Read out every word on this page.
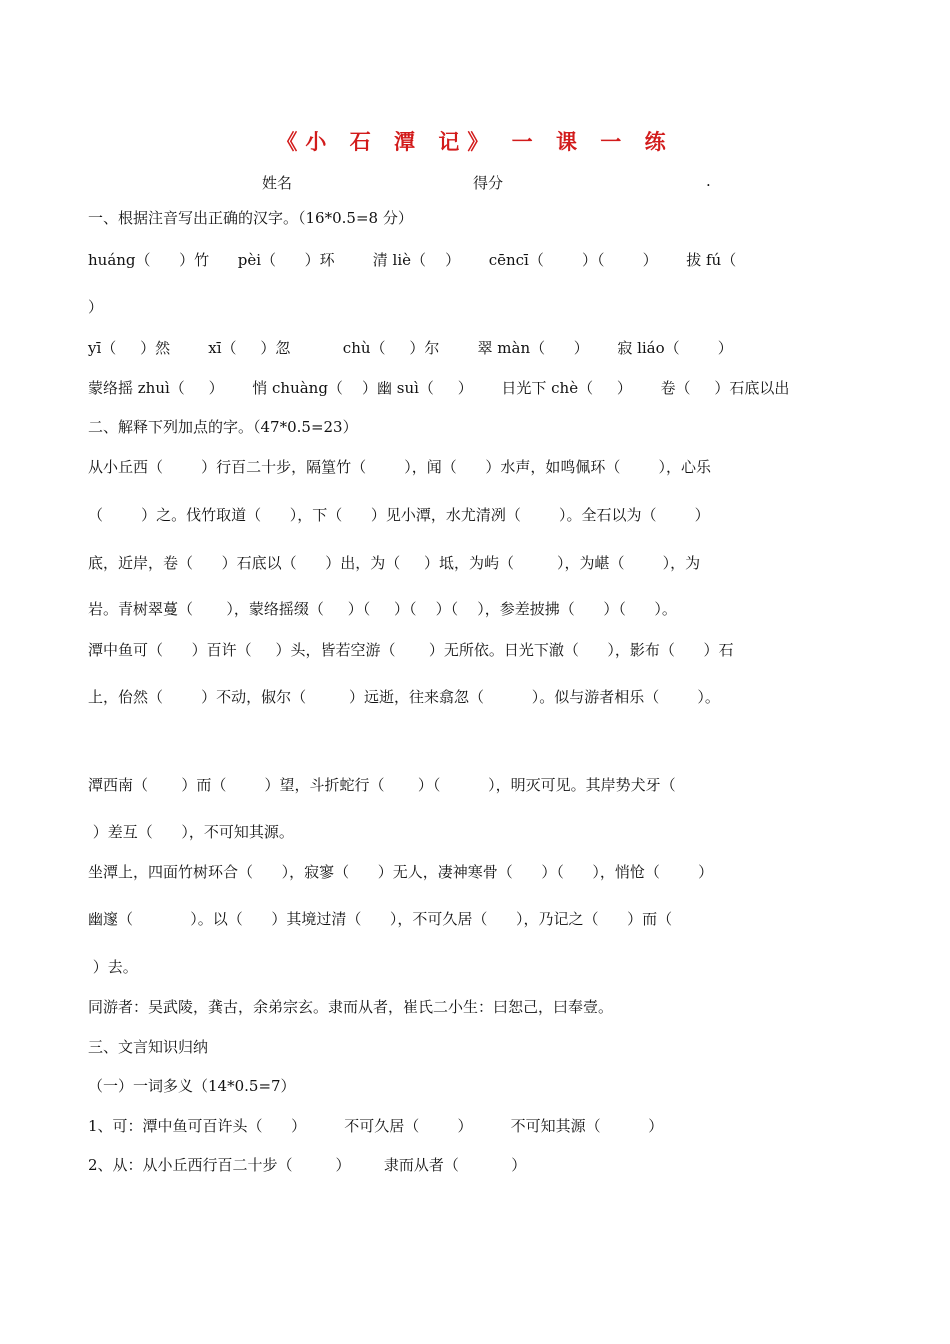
《小 石 潭 记》 一 课 一 练
姓名	得分	.
一、根据注音写出正确的汉字。（16*0.5=8 分）
huáng（      ）竹      pèi（      ）环        清 liè（    ）      cēncī（        ）（        ）      拔 fú（
）
yī（     ）然        xī（     ）忽           chù（     ）尔        翠 màn（      ）      寂 liáo（        ）
蒙络摇 zhuì（     ）      悄 chuàng（    ）幽 suì（     ）      日光下 chè（     ）      卷（     ）石底以出
二、解释下列加点的字。（47*0.5=23）
从小丘西（        ）行百二十步，隔篁竹（        ），闻（      ）水声，如鸣佩环（        ），心乐
（        ）之。伐竹取道（      ），下（      ）见小潭，水尤清冽（        ）。全石以为（        ）
底，近岸，卷（      ）石底以（      ）出，为（     ）坻，为屿（         ），为嵁（        ），为
岩。青树翠蔓（       ），蒙络摇缀（     ）（     ）（    ）（    ），参差披拂（      ）（      ）。
潭中鱼可（      ）百许（     ）头，皆若空游（       ）无所依。日光下澈（      ），影布（      ）石
上，佁然（        ）不动，俶尔（         ）远逝，往来翕忽（          ）。似与游者相乐（        ）。
潭西南（       ）而（        ）望，斗折蛇行（       ）（          ），明灭可见。其岸势犬牙（
）差互（      ），不可知其源。
坐潭上，四面竹树环合（      ），寂寥（      ）无人，凄神寒骨（      ）（      ），悄怆（        ）
幽邃（            ）。以（      ）其境过清（      ），不可久居（      ），乃记之（      ）而（
）去。
同游者：吴武陵，龚古，余弟宗玄。隶而从者，崔氏二小生：曰恕己，曰奉壹。
三、文言知识归纳
（一）一词多义（14*0.5=7）
1、可：潭中鱼可百许头（      ）        不可久居（        ）        不可知其源（          ）
2、从：从小丘西行百二十步（         ）       隶而从者（           ）
